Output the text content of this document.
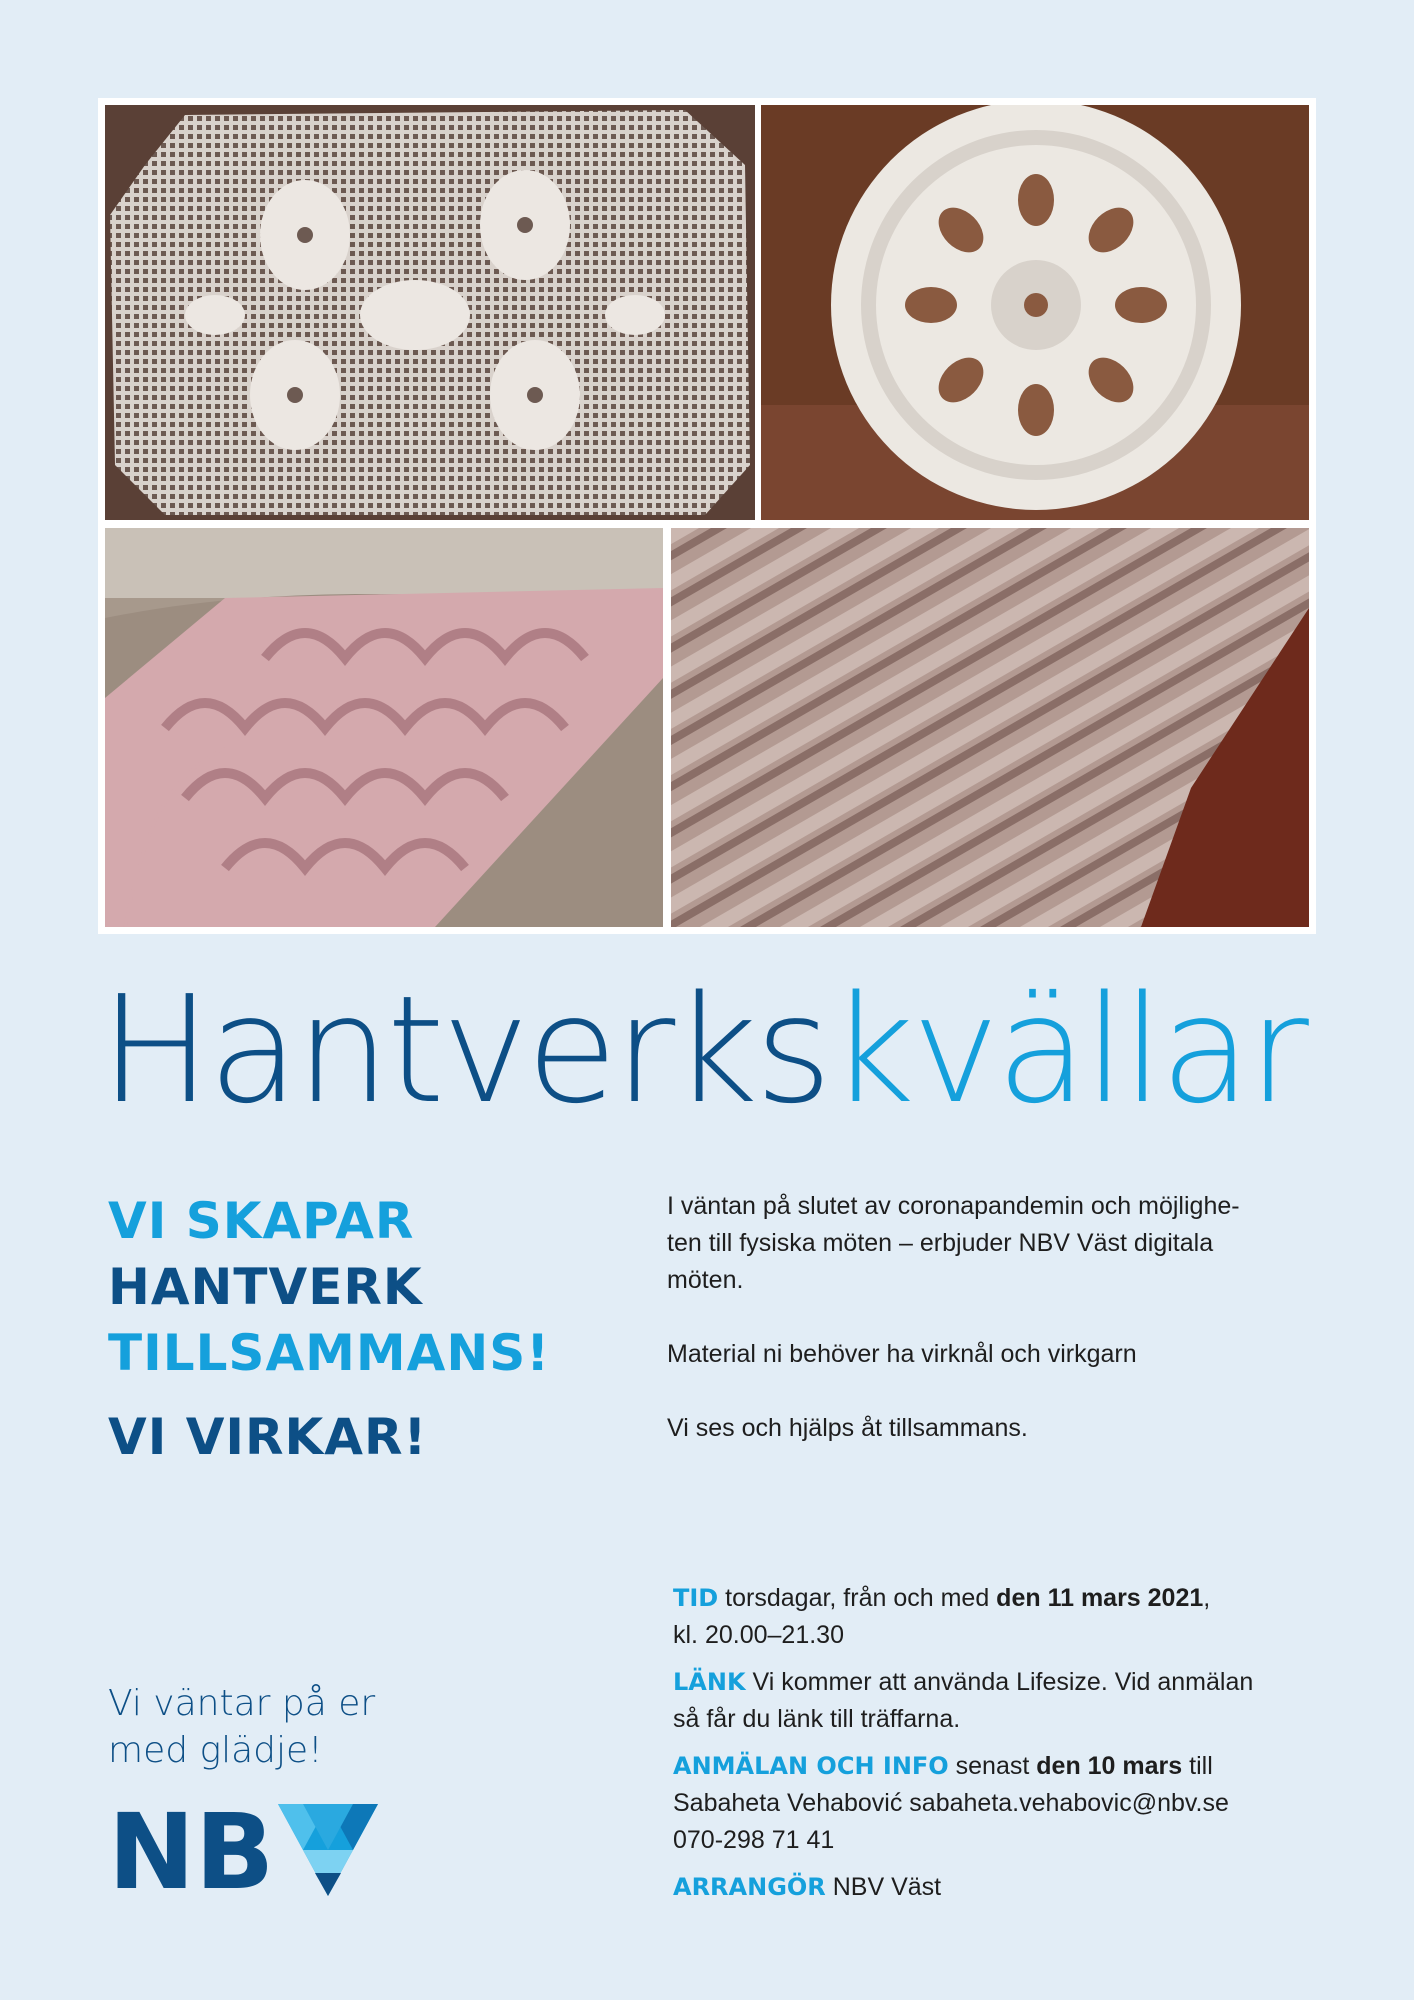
Hantverkskvällar
VI SKAPAR
HANTVERK
TILLSAMMANS!
VI VIRKAR!

I väntan på slutet av coronapandemin och möjlighe-
ten till fysiska möten – erbjuder NBV Väst digitala
möten.

Material ni behöver ha virknål och virkgarn

Vi ses och hjälps åt tillsammans.

Vi väntar på er
med glädje!
NB
TID torsdagar, från och med den 11 mars 2021,
kl. 20.00–21.30
LÄNK Vi kommer att använda Lifesize. Vid anmälan
så får du länk till träffarna.
ANMÄLAN OCH INFO senast den 10 mars till
Sabaheta Vehabović sabaheta.vehabovic@nbv.se
070-298 71 41
ARRANGÖR NBV Väst
